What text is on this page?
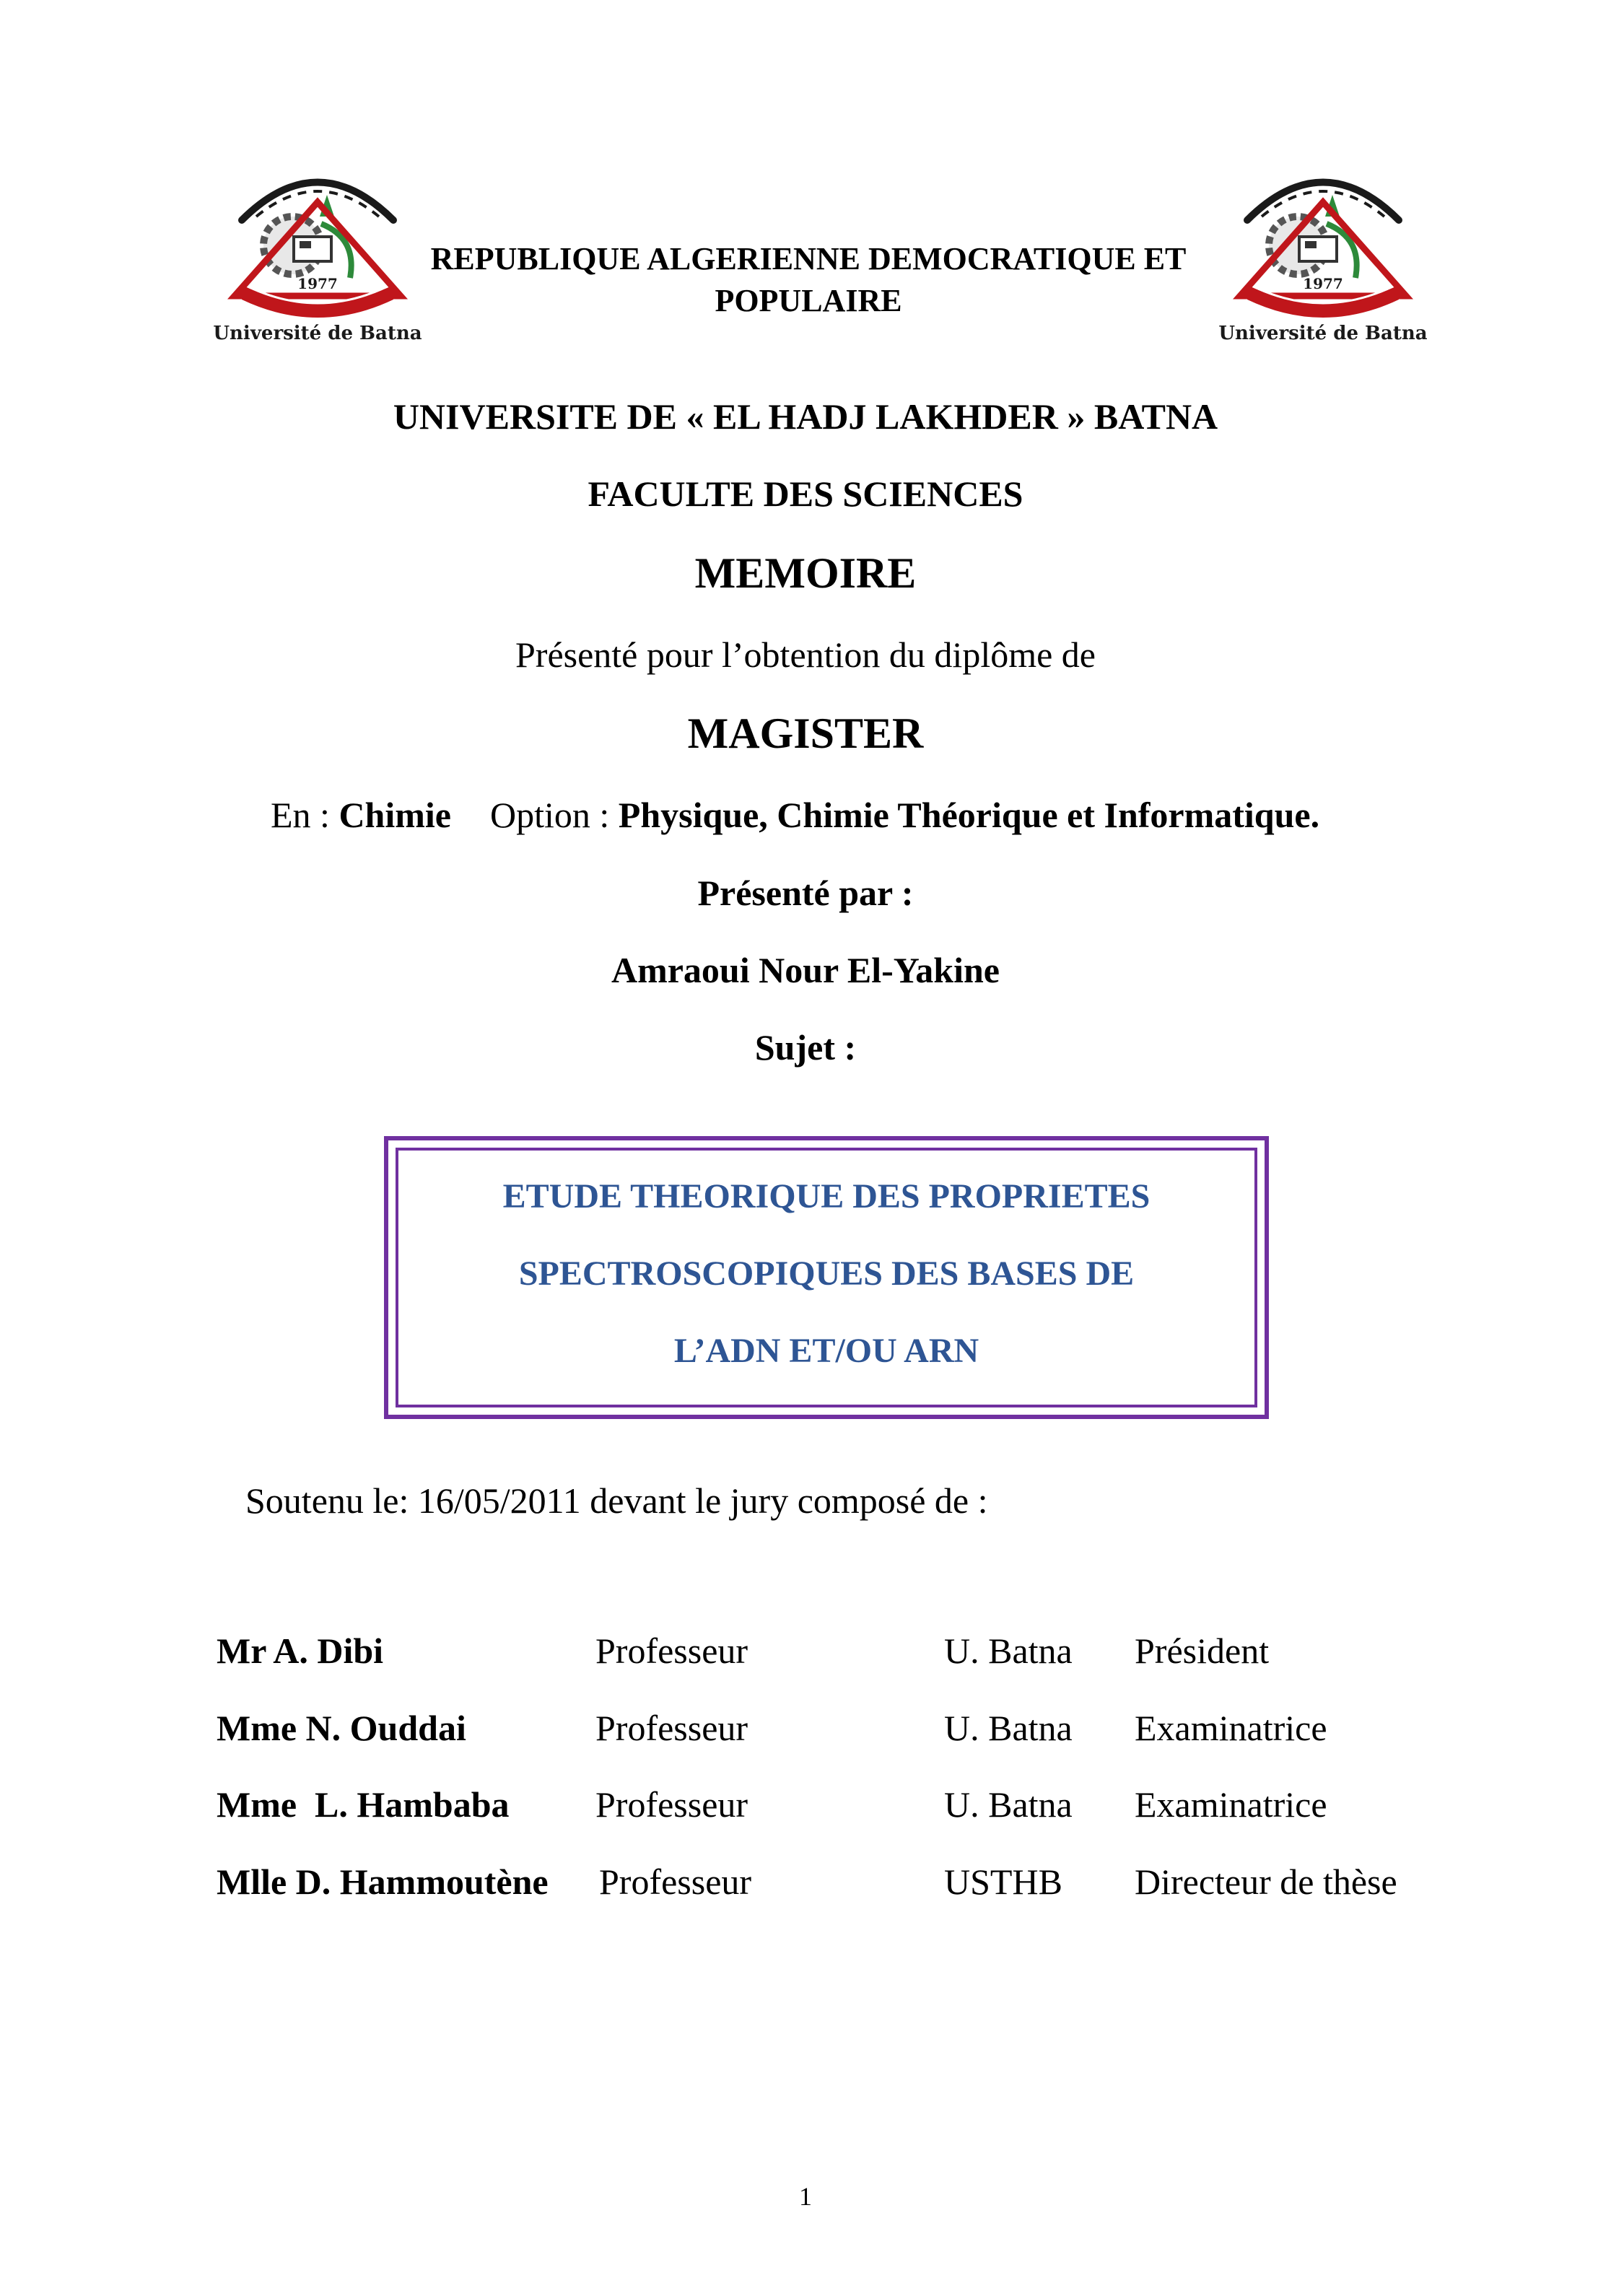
1977
Université de Batna
1977
Université de Batna
REPUBLIQUE ALGERIENNE DEMOCRATIQUE ET POPULAIRE
UNIVERSITE DE « EL HADJ LAKHDER » BATNA
FACULTE DES SCIENCES
MEMOIRE
Présenté pour l’obtention du diplôme de
MAGISTER
En : Chimie Option : Physique, Chimie Théorique et Informatique.
Présenté par :
Amraoui Nour El-Yakine
Sujet :
ETUDE THEORIQUE DES PROPRIETES
SPECTROSCOPIQUES DES BASES DE
L’ADN ET/OU ARN
Soutenu le: 16/05/2011 devant le jury composé de :
Mr A. Dibi	Professeur	U. Batna Président
Mme N. Ouddai	Professeur	U. Batna Examinatrice
Mme  L. Hambaba Professeur	U. Batna Examinatrice
Mlle D. Hammoutène Professeur	USTHB Directeur de thèse
1
